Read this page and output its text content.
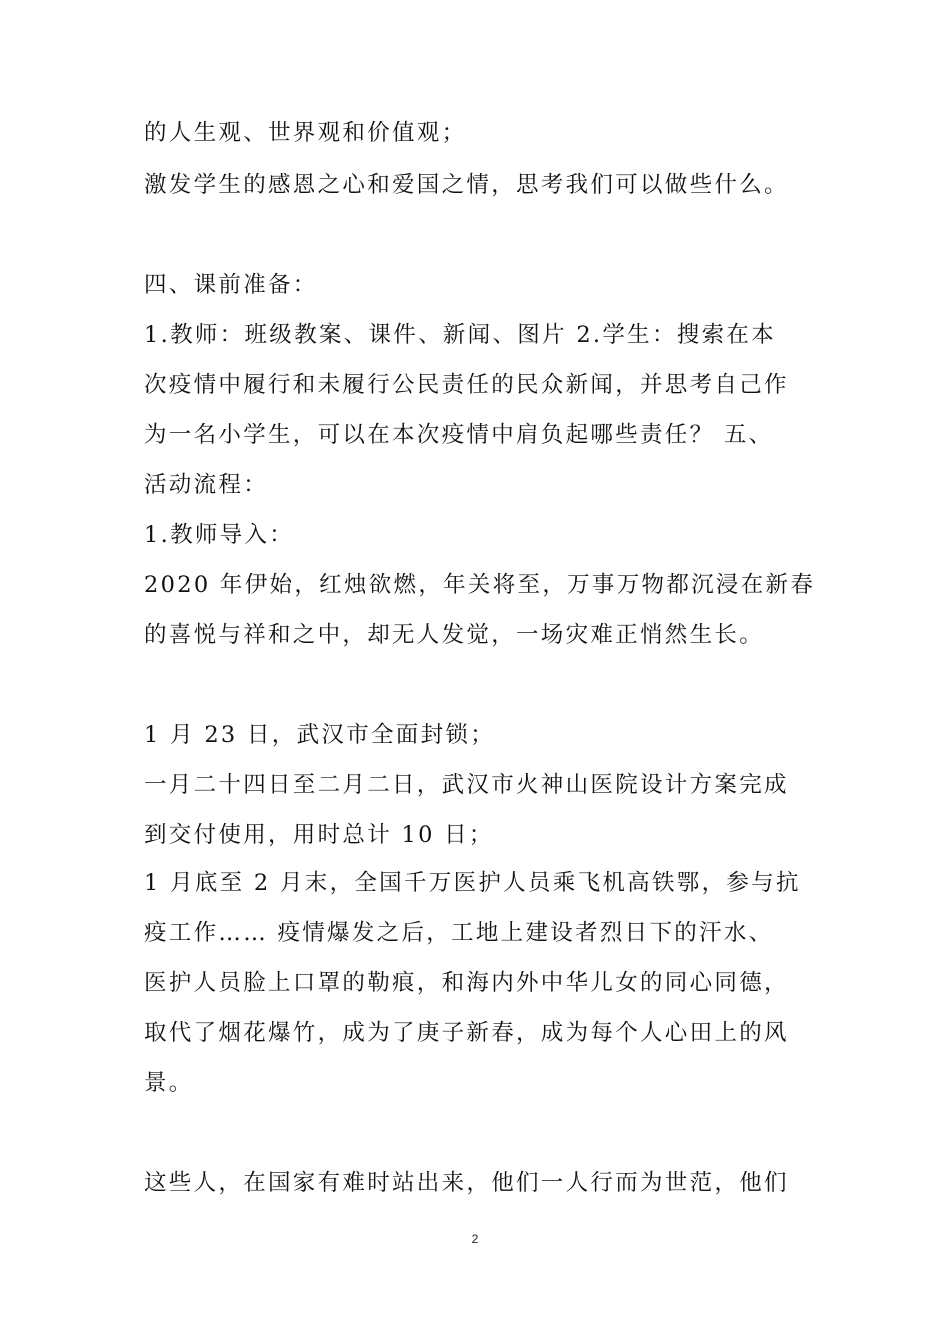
的人生观、世界观和价值观；
激发学生的感恩之心和爱国之情，思考我们可以做些什么。
四、课前准备：
1.教师：班级教案、课件、新闻、图片 2.学生：搜索在本
次疫情中履行和未履行公民责任的民众新闻，并思考自己作
为一名小学生，可以在本次疫情中肩负起哪些责任？ 五、
活动流程：
1.教师导入：
2020 年伊始，红烛欲燃，年关将至，万事万物都沉浸在新春
的喜悦与祥和之中，却无人发觉，一场灾难正悄然生长。
1 月 23 日，武汉市全面封锁；
一月二十四日至二月二日，武汉市火神山医院设计方案完成
到交付使用，用时总计 10 日；
1 月底至 2 月末，全国千万医护人员乘飞机高铁鄂，参与抗
疫工作…… 疫情爆发之后，工地上建设者烈日下的汗水、
医护人员脸上口罩的勒痕，和海内外中华儿女的同心同德，
取代了烟花爆竹，成为了庚子新春，成为每个人心田上的风
景。
这些人，在国家有难时站出来，他们一人行而为世范，他们
2
